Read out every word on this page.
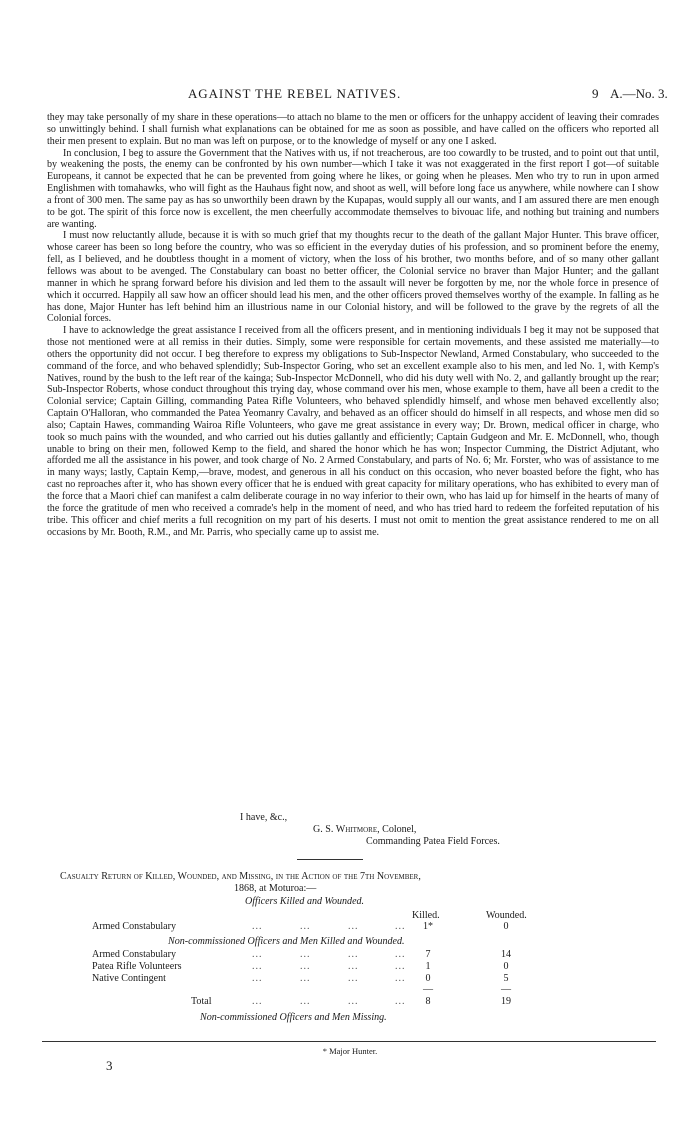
AGAINST THE REBEL NATIVES.	9 A.—No. 3.

they may take personally of my share in these operations—to attach no blame to the men or officers for the unhappy accident of leaving their comrades so unwittingly behind. I shall furnish what explanations can be obtained for me as soon as possible, and have called on the officers who reported all their men present to explain. But no man was left on purpose, or to the knowledge of myself or any one I asked.

In conclusion, I beg to assure the Government that the Natives with us, if not treacherous, are too cowardly to be trusted, and to point out that until, by weakening the posts, the enemy can be confronted by his own number—which I take it was not exaggerated in the first report I got—of suitable Europeans, it cannot be expected that he can be prevented from going where he likes, or going when he pleases. Men who try to run in upon armed Englishmen with tomahawks, who will fight as the Hauhaus fight now, and shoot as well, will before long face us anywhere, while nowhere can I show a front of 300 men. The same pay as has so unworthily been drawn by the Kupapas, would supply all our wants, and I am assured there are men enough to be got. The spirit of this force now is excellent, the men cheerfully accommodate themselves to bivouac life, and nothing but training and numbers are wanting.

I must now reluctantly allude, because it is with so much grief that my thoughts recur to the death of the gallant Major Hunter. This brave officer, whose career has been so long before the country, who was so efficient in the everyday duties of his profession, and so prominent before the enemy, fell, as I believed, and he doubtless thought in a moment of victory, when the loss of his brother, two months before, and of so many other gallant fellows was about to be avenged. The Constabulary can boast no better officer, the Colonial service no braver than Major Hunter; and the gallant manner in which he sprang forward before his division and led them to the assault will never be forgotten by me, nor the whole force in presence of which it occurred. Happily all saw how an officer should lead his men, and the other officers proved themselves worthy of the example. In falling as he has done, Major Hunter has left behind him an illustrious name in our Colonial history, and will be followed to the grave by the regrets of all the Colonial forces.

I have to acknowledge the great assistance I received from all the officers present, and in mentioning individuals I beg it may not be supposed that those not mentioned were at all remiss in their duties. Simply, some were responsible for certain movements, and these assisted me materially—to others the opportunity did not occur. I beg therefore to express my obligations to Sub-Inspector Newland, Armed Constabulary, who succeeded to the command of the force, and who behaved splendidly; Sub-Inspector Goring, who set an excellent example also to his men, and led No. 1, with Kemp's Natives, round by the bush to the left rear of the kainga; Sub-Inspector McDonnell, who did his duty well with No. 2, and gallantly brought up the rear; Sub-Inspector Roberts, whose conduct throughout this trying day, whose command over his men, whose example to them, have all been a credit to the Colonial service; Captain Gilling, commanding Patea Rifle Volunteers, who behaved splendidly himself, and whose men behaved excellently also; Captain O'Halloran, who commanded the Patea Yeomanry Cavalry, and behaved as an officer should do himself in all respects, and whose men did so also; Captain Hawes, commanding Wairoa Rifle Volunteers, who gave me great assistance in every way; Dr. Brown, medical officer in charge, who took so much pains with the wounded, and who carried out his duties gallantly and efficiently; Captain Gudgeon and Mr. E. McDonnell, who, though unable to bring on their men, followed Kemp to the field, and shared the honor which he has won; Inspector Cumming, the District Adjutant, who afforded me all the assistance in his power, and took charge of No. 2 Armed Constabulary, and parts of No. 6; Mr. Forster, who was of assistance to me in many ways; lastly, Captain Kemp,—brave, modest, and generous in all his conduct on this occasion, who never boasted before the fight, who has cast no reproaches after it, who has shown every officer that he is endued with great capacity for military operations, who has exhibited to every man of the force that a Maori chief can manifest a calm deliberate courage in no way inferior to their own, who has laid up for himself in the hearts of many of the force the gratitude of men who received a comrade's help in the moment of need, and who has tried hard to redeem the forfeited reputation of his tribe. This officer and chief merits a full recognition on my part of his deserts. I must not omit to mention the great assistance rendered to me on all occasions by Mr. Booth, R.M., and Mr. Parris, who specially came up to assist me.

I have, &c.,
G. S. Whitmore, Colonel,
Commanding Patea Field Forces.
Casualty Return of Killed, Wounded, and Missing, in the Action of the 7th November,
1868, at Moturoa:—
Officers Killed and Wounded.
Killed.	Wounded.
Armed Constabulary	...	...	...	...	1*	0
Non-commissioned Officers and Men Killed and Wounded.
Armed Constabulary	...	...	...	...	7	14
Patea Rifle Volunteers	...	...	...	...	1	0
Native Contingent	...	...	...	...	0	5
—	—
Total	...	...	...	...	8	19
Non-commissioned Officers and Men Missing.
* Major Hunter.
3
